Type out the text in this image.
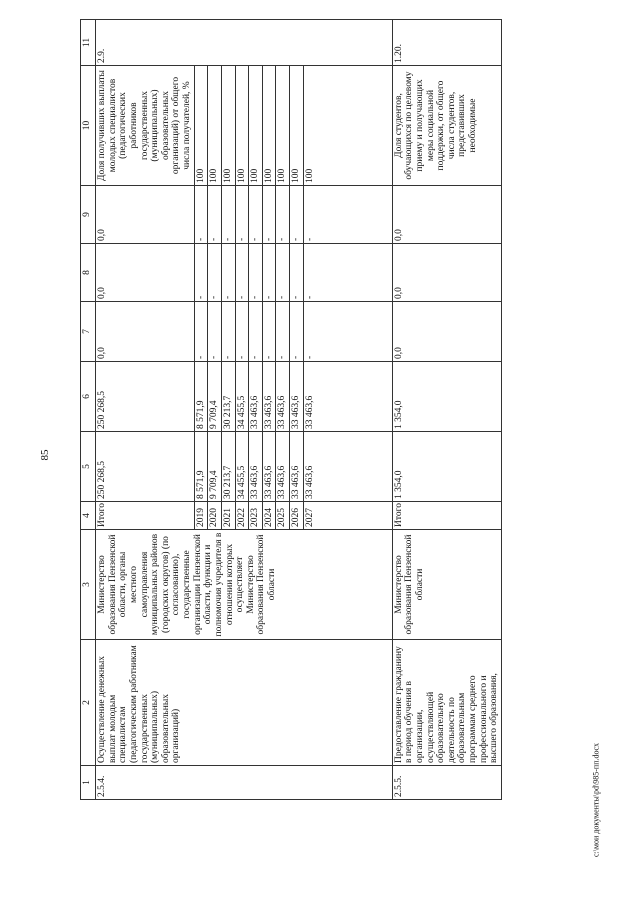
85
c:\мои документы\pd\985-пп.docx
1	2	3	4	5	6	7	8	9	10	11
2.5.4.	Осуществление денежных выплат молодым специалистам (педагогическим работникам государственных (муниципальных) образовательных организаций)	Министерство образования Пензенской области, органы местного самоуправления муниципальных районов (городских округов) (по согласованию), государственные организации Пензенской области, функции и полномочия учредителя в отношении которых осуществляет Министерство образования Пензенской области	Итого	250 268,5	250 268,5	0,0	0,0	0,0	Доля получивших выплаты молодых специалистов (педагогических работников государственных (муниципальных) образовательных организаций) от общего числа получателей, %	2.9.
			2019	8 571,9	8 571,9	-	-	-	100	
			2020	9 709,4	9 709,4	-	-	-	100	
			2021	30 213,7	30 213,7	-	-	-	100	
			2022	34 455,5	34 455,5	-	-	-	100	
			2023	33 463,6	33 463,6	-	-	-	100	
			2024	33 463,6	33 463,6	-	-	-	100	
			2025	33 463,6	33 463,6	-	-	-	100	
			2026	33 463,6	33 463,6	-	-	-	100	
			2027	33 463,6	33 463,6	-	-	-	100	
2.5.5.	Предоставление гражданину в период обучения в организации, осуществляющей образовательную деятельность по образовательным программам среднего профессионального и высшего образования,	Министерство образования Пензенской области	Итого	1 354,0	1 354,0	0,0	0,0	0,0	Доля студентов, обучающихся по целевому приему и получающих меры социальной поддержки, от общего числа студентов, представивших необходимые	1.20.
